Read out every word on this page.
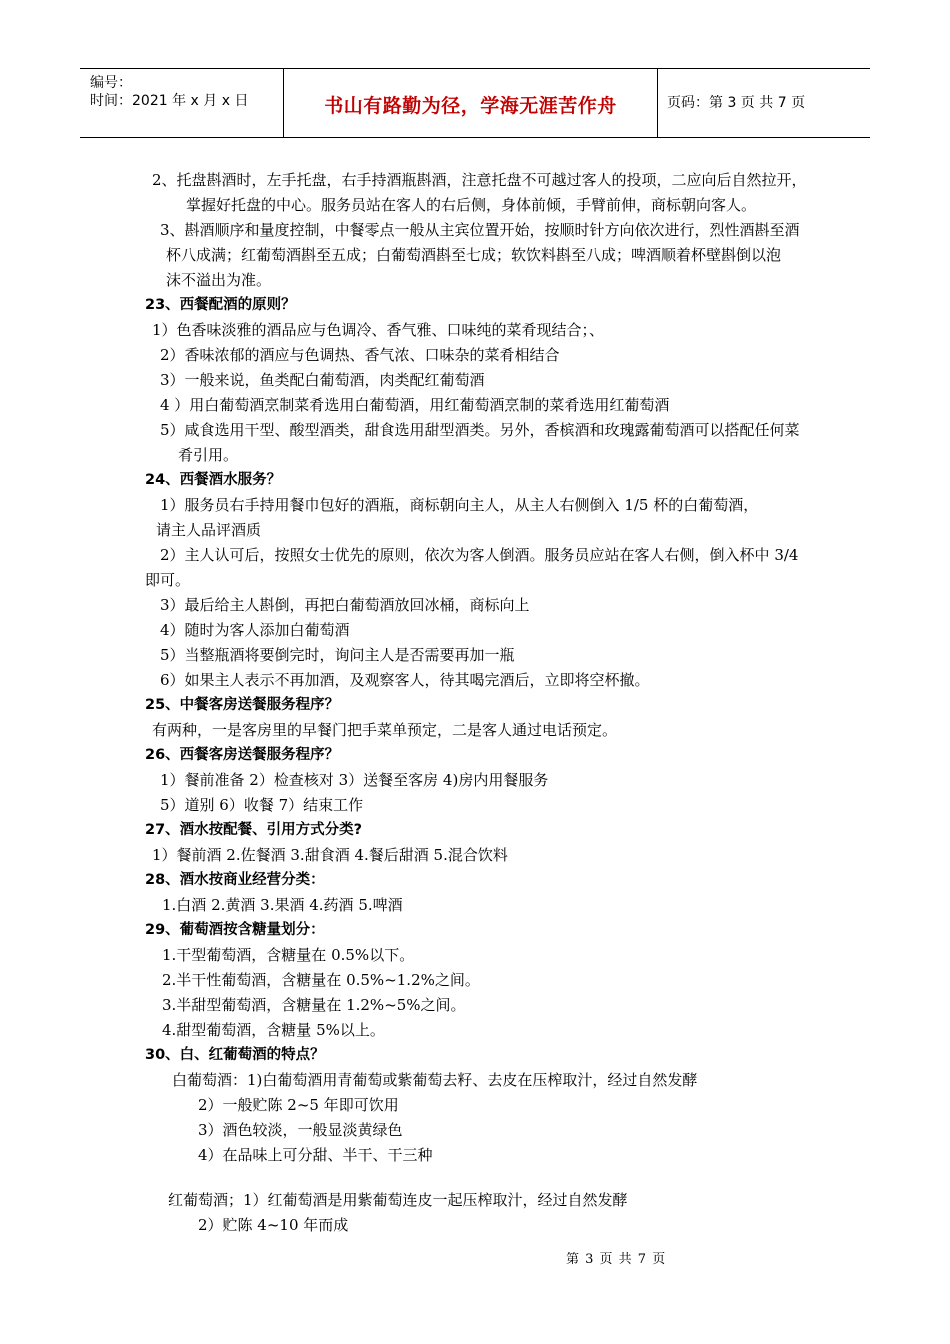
编号：
时间：2021 年 x 月 x 日	书山有路勤为径，学海无涯苦作舟	页码：第 3 页 共 7 页
2、托盘斟酒时，左手托盘，右手持酒瓶斟酒，注意托盘不可越过客人的投项，二应向后自然拉开，
掌握好托盘的中心。服务员站在客人的右后侧，身体前倾，手臂前伸，商标朝向客人。
3、斟酒顺序和量度控制，中餐零点一般从主宾位置开始，按顺时针方向依次进行，烈性酒斟至酒
杯八成满；红葡萄酒斟至五成；白葡萄酒斟至七成；软饮料斟至八成；啤酒顺着杯壁斟倒以泡
沫不溢出为准。
23、西餐配酒的原则？
1）色香味淡雅的酒品应与色调冷、香气雅、口味纯的菜肴现结合；、
2）香味浓郁的酒应与色调热、香气浓、口味杂的菜肴相结合
3）一般来说，鱼类配白葡萄酒，肉类配红葡萄酒
4 ）用白葡萄酒烹制菜肴选用白葡萄酒，用红葡萄酒烹制的菜肴选用红葡萄酒
5）咸食选用干型、酸型酒类，甜食选用甜型酒类。另外，香槟酒和玫瑰露葡萄酒可以搭配任何菜
肴引用。
24、西餐酒水服务？
1）服务员右手持用餐巾包好的酒瓶，商标朝向主人，从主人右侧倒入 1/5 杯的白葡萄酒，
请主人品评酒质
2）主人认可后，按照女士优先的原则，依次为客人倒酒。服务员应站在客人右侧，倒入杯中 3/4
即可。
3）最后给主人斟倒，再把白葡萄酒放回冰桶，商标向上
4）随时为客人添加白葡萄酒
5）当整瓶酒将要倒完时，询问主人是否需要再加一瓶
6）如果主人表示不再加酒，及观察客人，待其喝完酒后，立即将空杯撤。
25、中餐客房送餐服务程序？
有两种，一是客房里的早餐门把手菜单预定，二是客人通过电话预定。
26、西餐客房送餐服务程序？
1）餐前准备 2）检查核对 3）送餐至客房 4)房内用餐服务
5）道别 6）收餐 7）结束工作
27、酒水按配餐、引用方式分类?
1）餐前酒 2.佐餐酒 3.甜食酒 4.餐后甜酒 5.混合饮料
28、酒水按商业经营分类：
1.白酒 2.黄酒 3.果酒 4.药酒 5.啤酒
29、葡萄酒按含糖量划分：
1.干型葡萄酒，含糖量在 0.5%以下。
2.半干性葡萄酒，含糖量在 0.5%~1.2%之间。
3.半甜型葡萄酒，含糖量在 1.2%~5%之间。
4.甜型葡萄酒，含糖量 5%以上。
30、白、红葡萄酒的特点？
白葡萄酒：1)白葡萄酒用青葡萄或紫葡萄去籽、去皮在压榨取汁，经过自然发酵
2）一般贮陈 2~5 年即可饮用
3）酒色较淡，一般显淡黄绿色
4）在品味上可分甜、半干、干三种
红葡萄酒；1）红葡萄酒是用紫葡萄连皮一起压榨取汁，经过自然发酵
2）贮陈 4~10 年而成
第 3 页 共 7 页
